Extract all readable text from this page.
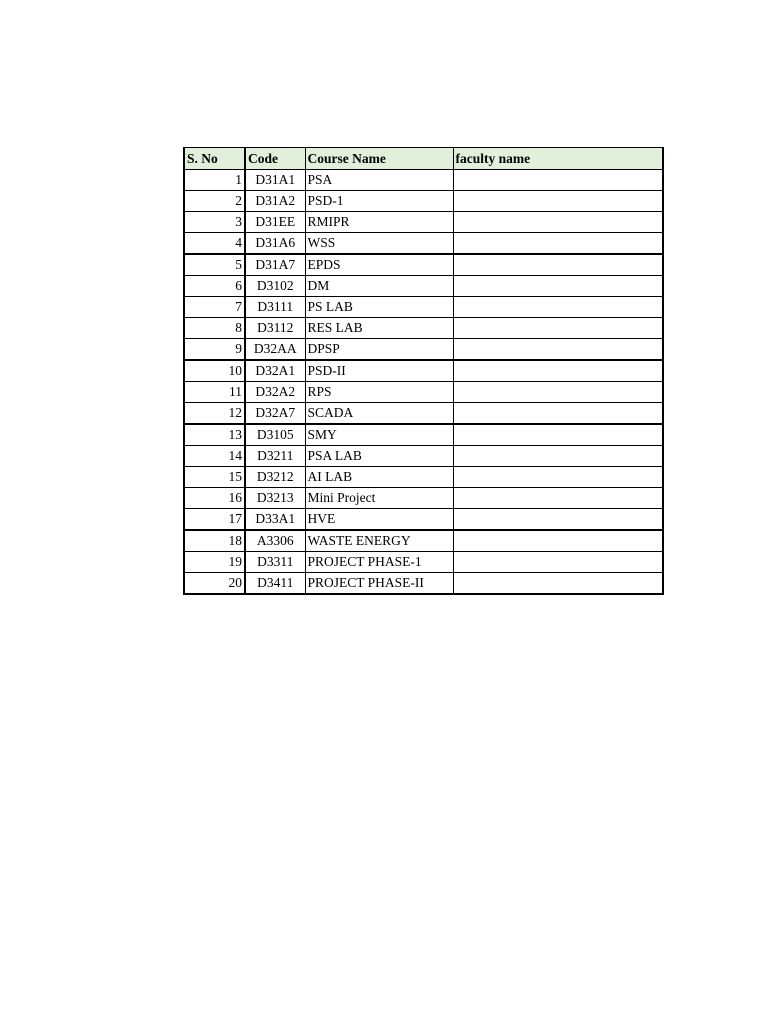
S. No	Code	Course Name	faculty name
1	D31A1	PSA	
2	D31A2	PSD-1	
3	D31EE	RMIPR	
4	D31A6	WSS	
5	D31A7	EPDS	
6	D3102	DM	
7	D3111	PS LAB	
8	D3112	RES LAB	
9	D32AA	DPSP	
10	D32A1	PSD-II	
11	D32A2	RPS	
12	D32A7	SCADA	
13	D3105	SMY	
14	D3211	PSA LAB	
15	D3212	AI LAB	
16	D3213	Mini Project	
17	D33A1	HVE	
18	A3306	WASTE ENERGY	
19	D3311	PROJECT PHASE-1	
20	D3411	PROJECT PHASE-II	
